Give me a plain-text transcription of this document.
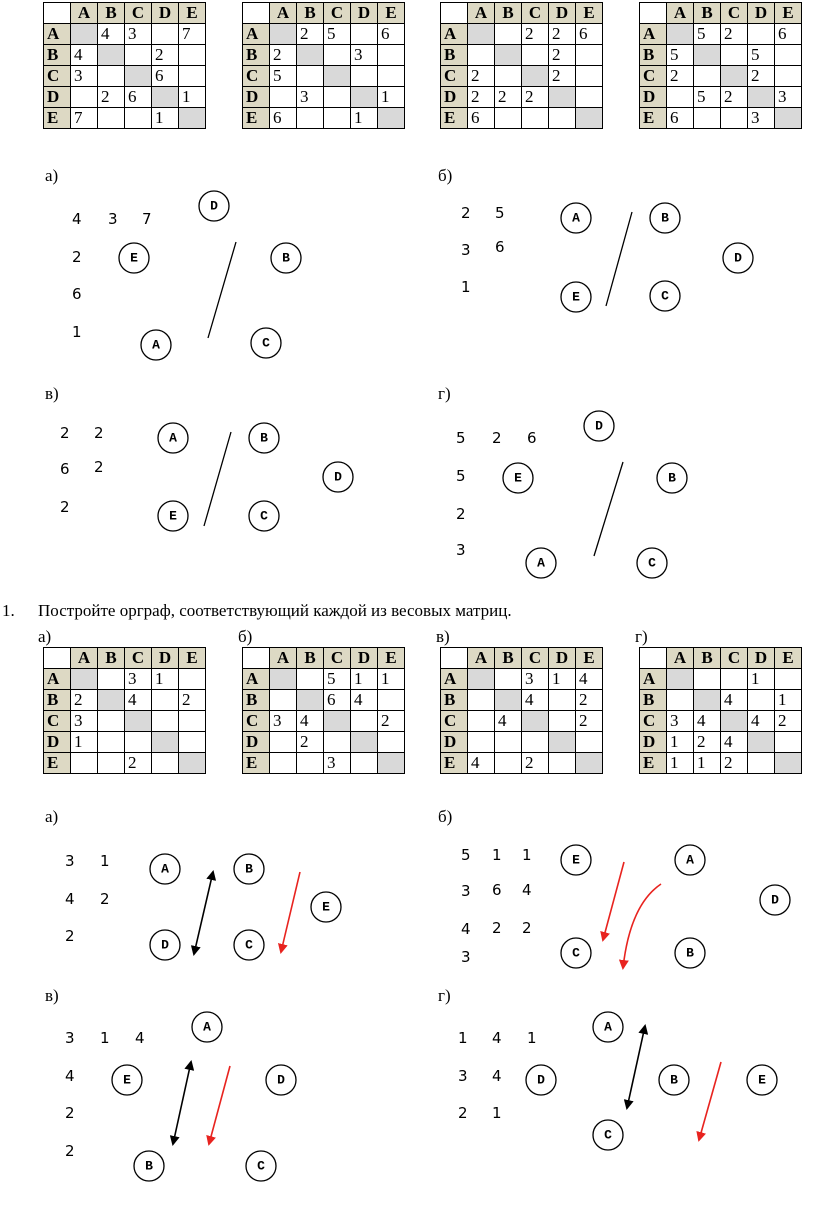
	A	B	C	D	E
A		4	3		7
B	4			2	
C	3			6	
D		2	6		1
E	7			1	
	A	B	C	D	E
A		2	5		6
B	2			3	
C	5				
D		3			1
E	6			1	
	A	B	C	D	E
A			2	2	6
B				2	
C	2			2	
D	2	2	2		
E	6				
	A	B	C	D	E
A		5	2		6
B	5			5	
C	2			2	
D		5	2		3
E	6			3	
1. Постройте орграф, соответствующий каждой из весовых матриц.
а)	б)	в)	г)
	A	B	C	D	E
A			3	1	
B	2		4		2
C	3				
D	1				
E			2		
	A	B	C	D	E
A			5	1	1
B			6	4	
C	3	4			2
D		2			
E			3		
	A	B	C	D	E
A			3	1	4
B			4		2
C		4			2
D					
E	4		2		
	A	B	C	D	E
A				1	
B			4		1
C	3	4		4	2
D	1	2	4		
E	1	1	2		
а)	б)
в)	г)
а)	б)
в)	г)
4 3 7
2
6
1
D
E	B
A	C
2 5
3 6
1
A	B
D
E	C
2 2
6 2
2
A	B
D
E	C
5 2 6
5
2
3
D
E	B
A	C
3 1
4 2
2
A	B
E
D	C
5 1 1
3 6 4
4 2 2
3
E	A
D
C	B
3 1 4
4
2
2
A
E	D
B	C
1 4 1
3 4
2 1
A
D	B	E
C
